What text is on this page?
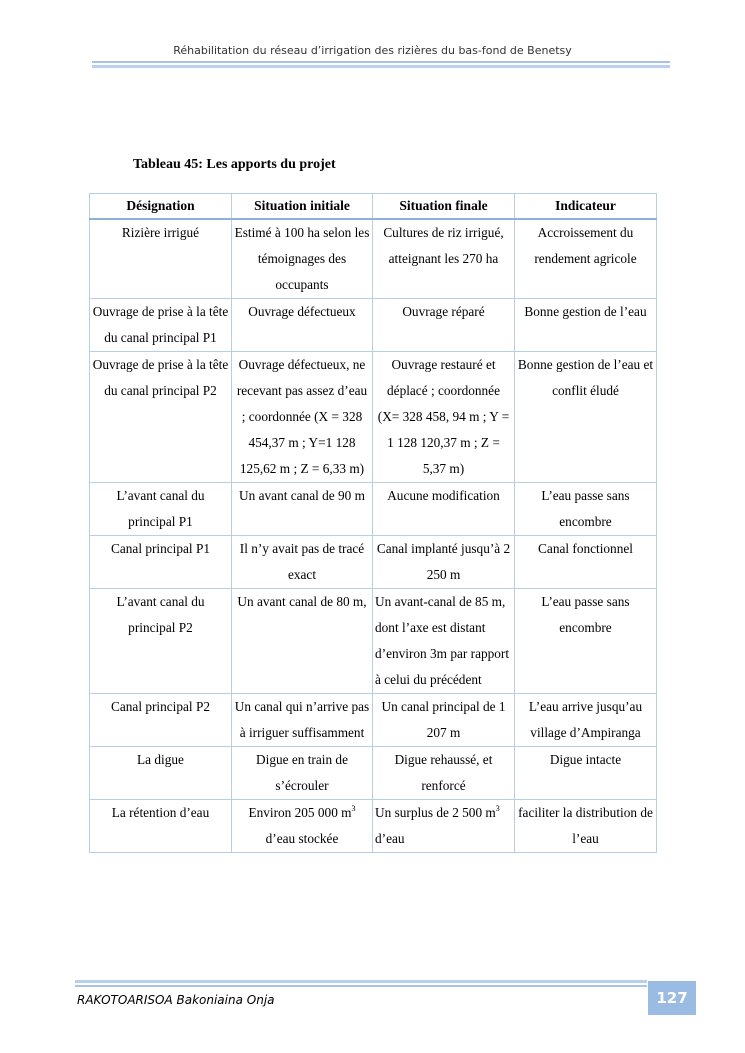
Réhabilitation du réseau d’irrigation des rizières du bas-fond de Benetsy
Tableau 45: Les apports du projet
Désignation	Situation initiale	Situation finale	Indicateur
Rizière irrigué	Estimé à 100 ha selon les témoignages des occupants	Cultures de riz irrigué, atteignant les 270 ha	Accroissement du rendement agricole
Ouvrage de prise à la tête du canal principal P1	Ouvrage défectueux	Ouvrage réparé	Bonne gestion de l’eau
Ouvrage de prise à la tête du canal principal P2	Ouvrage défectueux, ne recevant pas assez d’eau ; coordonnée (X = 328 454,37 m ; Y=1 128 125,62 m ; Z = 6,33 m)	Ouvrage restauré et déplacé ; coordonnée (X= 328 458, 94 m ; Y = 1 128 120,37 m ; Z = 5,37 m)	Bonne gestion de l’eau et conflit éludé
L’avant canal du principal P1	Un avant canal de 90 m	Aucune modification	L’eau passe sans encombre
Canal principal P1	Il n’y avait pas de tracé exact	Canal implanté jusqu’à 2 250 m	Canal fonctionnel
L’avant canal du principal P2	Un avant canal de 80 m,	Un avant-canal de 85 m, dont l’axe est distant d’environ 3m par rapport à celui du précédent	L’eau passe sans encombre
Canal principal P2	Un canal qui n’arrive pas à irriguer suffisamment	Un canal principal de 1 207 m	L’eau arrive jusqu’au village d’Ampiranga
La digue	Digue en train de s’écrouler	Digue rehaussé, et renforcé	Digue intacte
La rétention d’eau	Environ 205 000 $m^3$ d’eau stockée	Un surplus de 2 500 $m^3$ d’eau	faciliter la distribution de l’eau
RAKOTOARISOA Bakoniaina Onja	127
